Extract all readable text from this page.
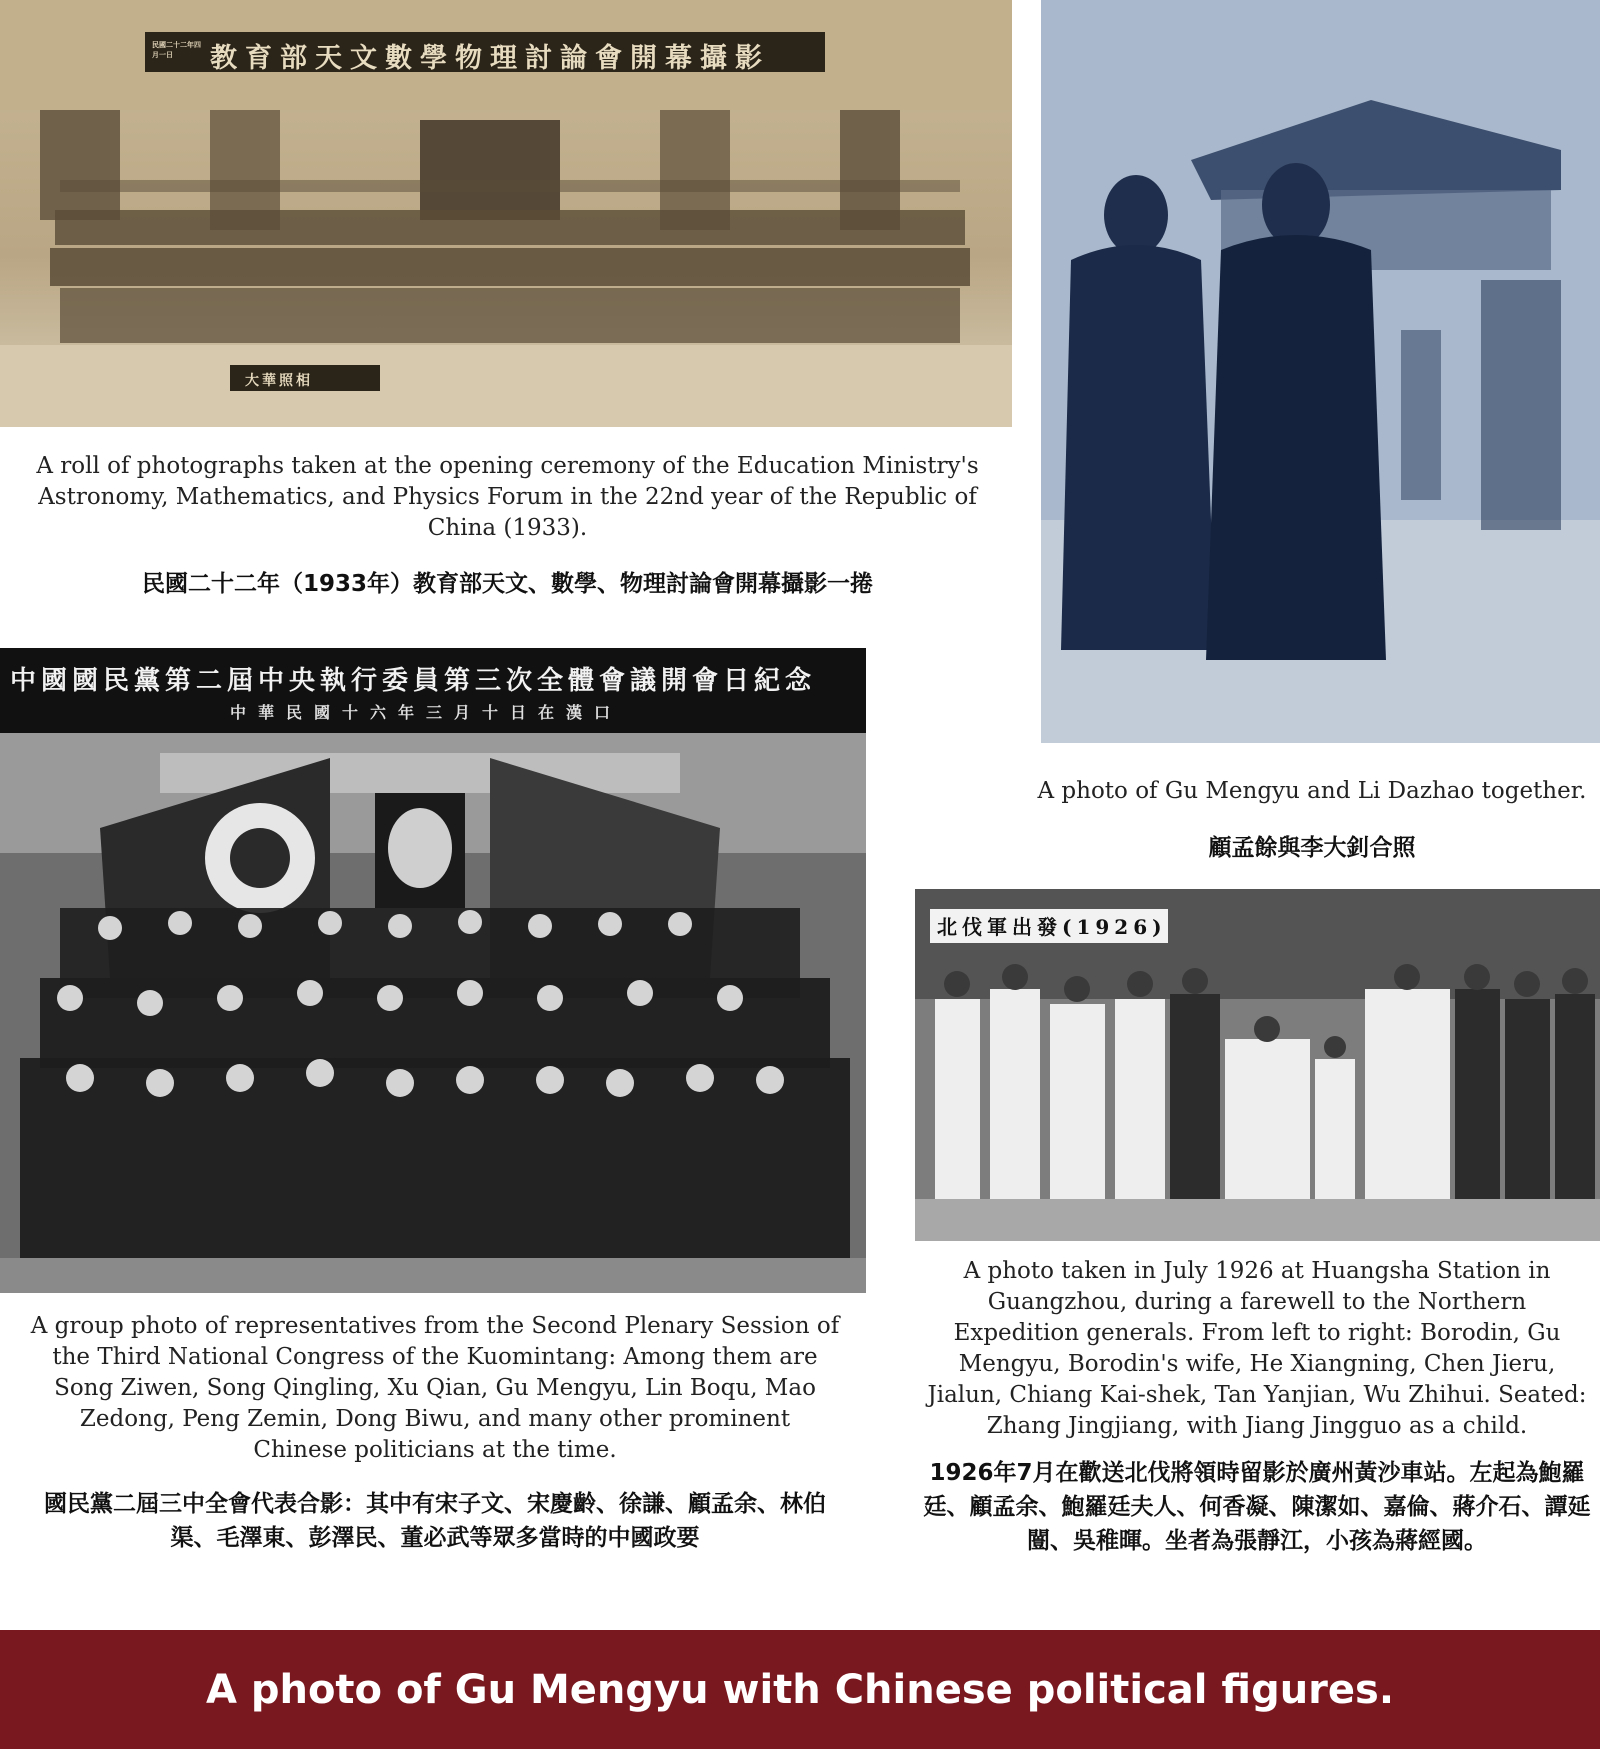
教育部天文數學物理討論會開幕攝影
民國二十二年四月一日
大華照相
A roll of photographs taken at the opening ceremony of the Education Ministry's Astronomy, Mathematics, and Physics Forum in the 22nd year of the Republic of China (1933).
民國二十二年（1933年）教育部天文、數學、物理討論會開幕攝影一捲
A photo of Gu Mengyu and Li Dazhao together.
顧孟餘與李大釗合照
中國國民黨第二屆中央執行委員第三次全體會議開會日紀念
中華民國十六年三月十日在漢口
A group photo of representatives from the Second Plenary Session of the Third National Congress of the Kuomintang: Among them are Song Ziwen, Song Qingling, Xu Qian, Gu Mengyu, Lin Boqu, Mao Zedong, Peng Zemin, Dong Biwu, and many other prominent Chinese politicians at the time.
國民黨二屆三中全會代表合影：其中有宋子文、宋慶齡、徐謙、顧孟余、林伯渠、毛澤東、彭澤民、董必武等眾多當時的中國政要
北伐軍出發(1926)
A photo taken in July 1926 at Huangsha Station in Guangzhou, during a farewell to the Northern Expedition generals. From left to right: Borodin, Gu Mengyu, Borodin's wife, He Xiangning, Chen Jieru, Jialun, Chiang Kai-shek, Tan Yanjian, Wu Zhihui. Seated: Zhang Jingjiang, with Jiang Jingguo as a child.
1926年7月在歡送北伐將領時留影於廣州黃沙車站。左起為鮑羅廷、顧孟余、鮑羅廷夫人、何香凝、陳潔如、嘉倫、蔣介石、譚延闓、吳稚暉。坐者為張靜江，小孩為蔣經國。
A photo of Gu Mengyu with Chinese political figures.
